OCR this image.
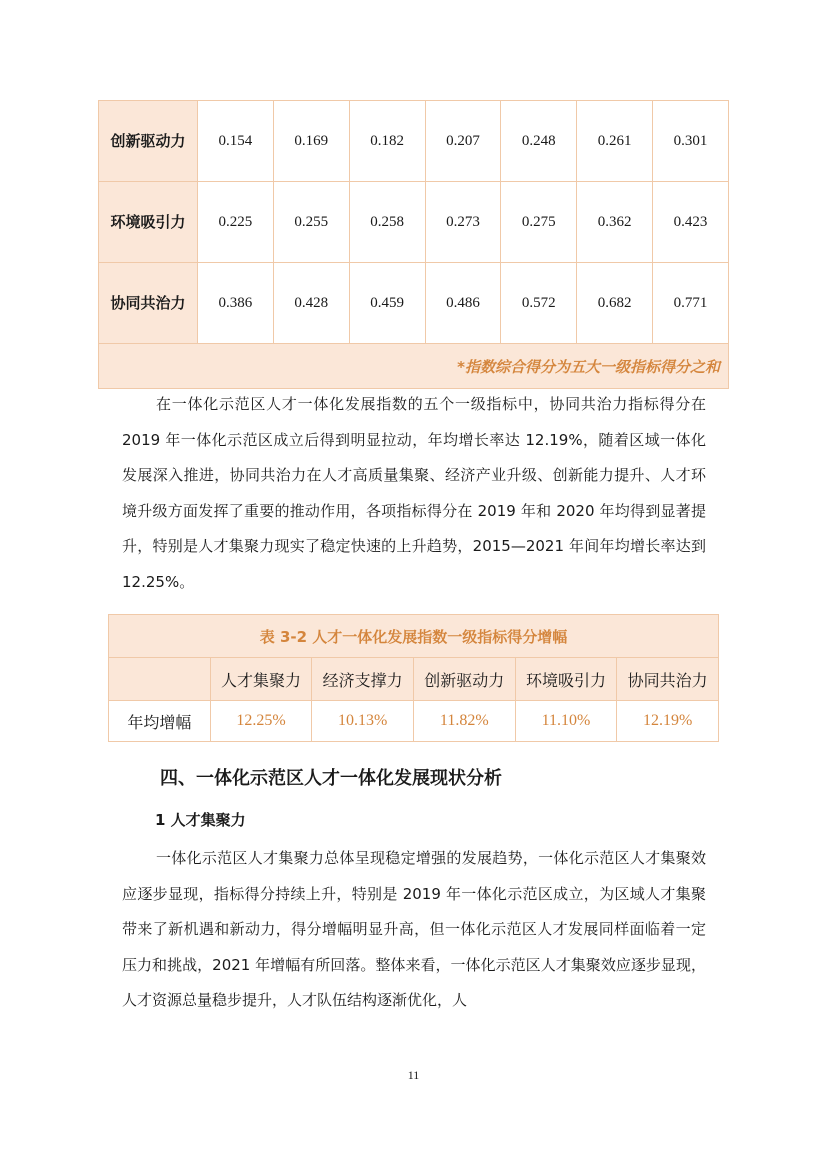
创新驱动力	0.154	0.169	0.182	0.207	0.248	0.261	0.301
环境吸引力	0.225	0.255	0.258	0.273	0.275	0.362	0.423
协同共治力	0.386	0.428	0.459	0.486	0.572	0.682	0.771
*指数综合得分为五大一级指标得分之和							

在一体化示范区人才一体化发展指数的五个一级指标中，协同共治力指标得分在 2019 年一体化示范区成立后得到明显拉动，年均增长率达 12.19%，随着区域一体化发展深入推进，协同共治力在人才高质量集聚、经济产业升级、创新能力提升、人才环境升级方面发挥了重要的推动作用，各项指标得分在 2019 年和 2020 年均得到显著提升，特别是人才集聚力现实了稳定快速的上升趋势，2015—2021 年间年均增长率达到 12.25%。

表 3-2 人才一体化发展指数一级指标得分增幅					
	人才集聚力	经济支撑力	创新驱动力	环境吸引力	协同共治力
年均增幅	12.25%	10.13%	11.82%	11.10%	12.19%
四、一体化示范区人才一体化发展现状分析
1 人才集聚力

一体化示范区人才集聚力总体呈现稳定增强的发展趋势，一体化示范区人才集聚效应逐步显现，指标得分持续上升，特别是 2019 年一体化示范区成立，为区域人才集聚带来了新机遇和新动力，得分增幅明显升高，但一体化示范区人才发展同样面临着一定压力和挑战，2021 年增幅有所回落。整体来看，一体化示范区人才集聚效应逐步显现，人才资源总量稳步提升，人才队伍结构逐渐优化，人

11
